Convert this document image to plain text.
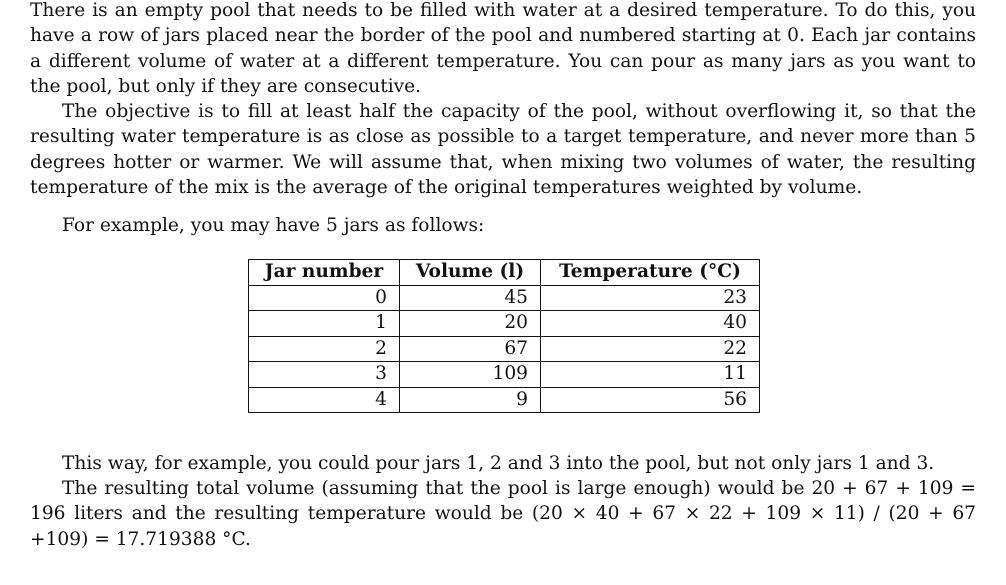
There is an empty pool that needs to be filled with water at a desired temperature. To do this, you have a row of jars placed near the border of the pool and numbered starting at 0. Each jar contains a different volume of water at a different temperature. You can pour as many jars as you want to the pool, but only if they are consecutive.

The objective is to fill at least half the capacity of the pool, without overflowing it, so that the resulting water temperature is as close as possible to a target temperature, and never more than 5 degrees hotter or warmer. We will assume that, when mixing two volumes of water, the resulting temperature of the mix is the average of the original temperatures weighted by volume.

For example, you may have 5 jars as follows:

Jar number	Volume (l)	Temperature (°C)
0	45	23
1	20	40
2	67	22
3	109	11
4	9	56

This way, for example, you could pour jars 1, 2 and 3 into the pool, but not only jars 1 and 3.

The resulting total volume (assuming that the pool is large enough) would be 20 + 67 + 109 = 196 liters and the resulting temperature would be (20 × 40 + 67 × 22 + 109 × 11) / (20 + 67 +109) = 17.719388 °C.
